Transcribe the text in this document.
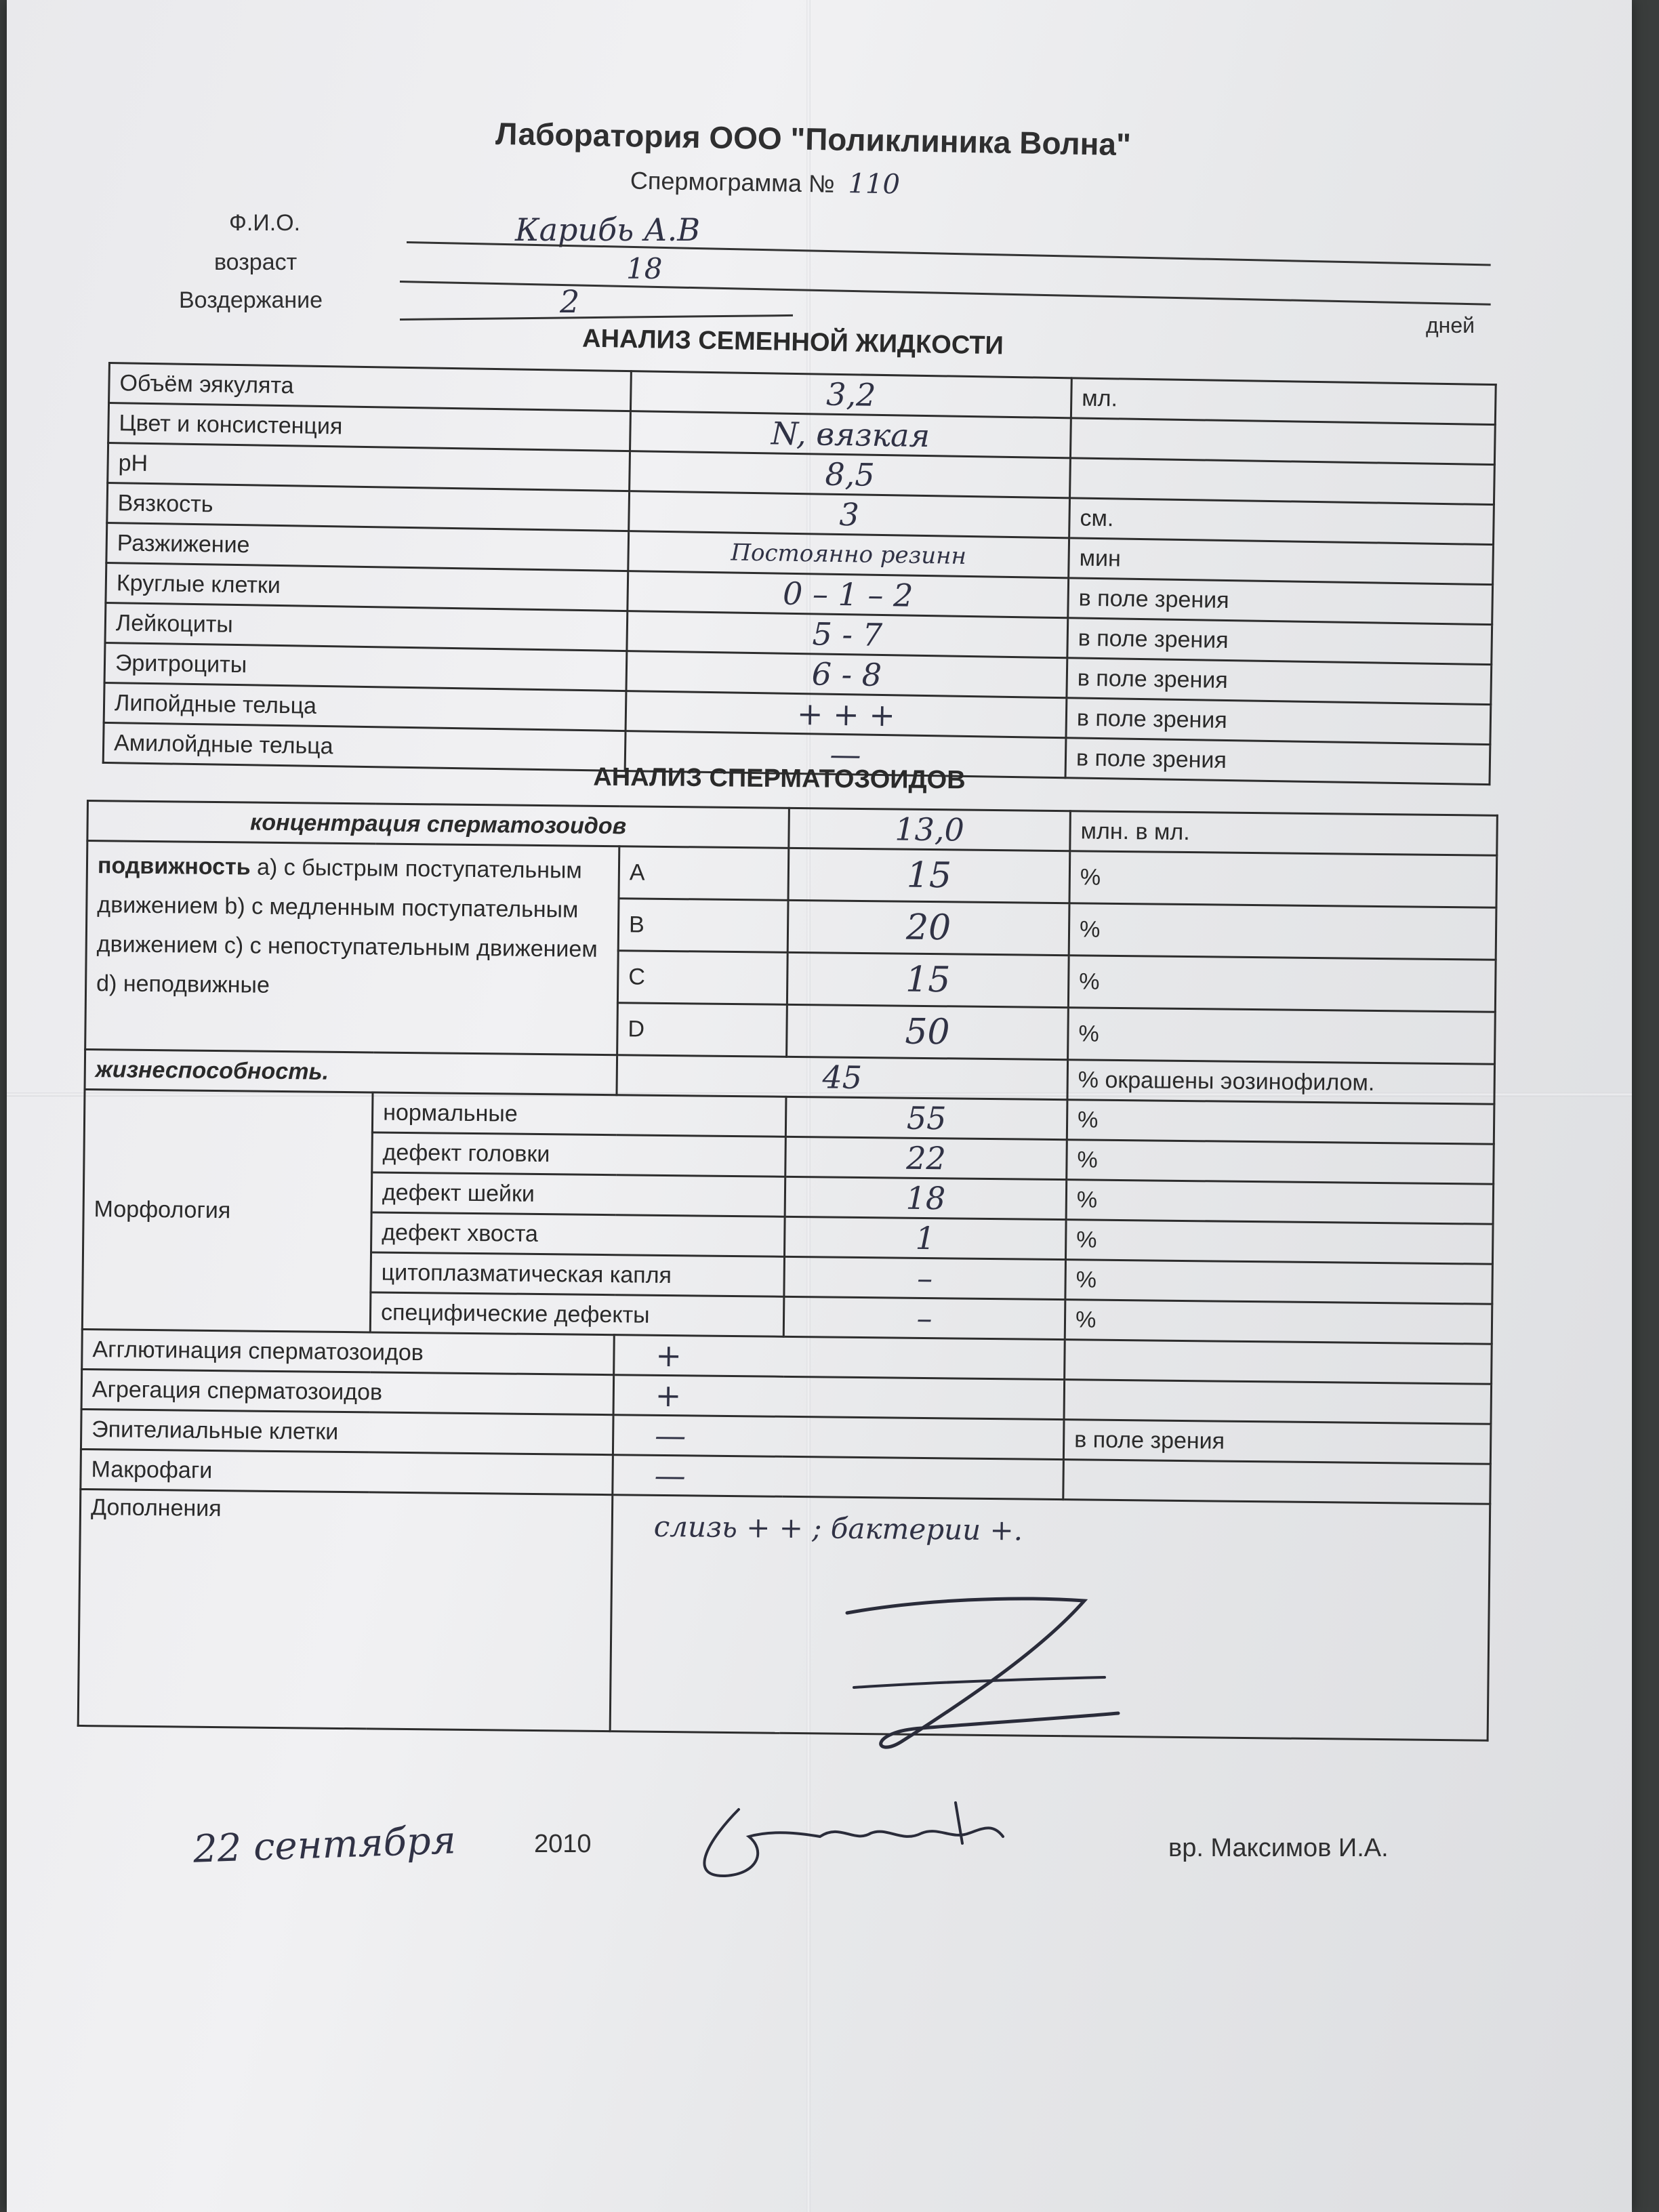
Лаборатория ООО "Поликлиника Волна"
Спермограмма № 110
Ф.И.О.	Карибь А.В
возраст	18
Воздержание	2
дней
АНАЛИЗ СЕМЕННОЙ ЖИДКОСТИ
Объём эякулята	3,2	мл.
Цвет и консистенция	N, вязкая	
pH	8,5	
Вязкость	3	см.
Разжижение	Постоянно резинн	мин
Круглые клетки	0 – 1 – 2	в поле зрения
Лейкоциты	5 - 7	в поле зрения
Эритроциты	6 - 8	в поле зрения
Липойдные тельца	+ + +	в поле зрения
Амилойдные тельца	—	в поле зрения
АНАЛИЗ СПЕРМАТОЗОИДОВ
концентрация сперматозоидов			13,0	млн. в мл.
подвижность а) с быстрым поступательным движением b) с медленным поступательным движением c) с непоступательным движением d) неподвижные		A	15	%
		B	20	%
		C	15	%
		D	50	%
жизнеспособность.		45		% окрашены эозинофилом.
Морфология	нормальные		55	%
	дефект головки		22	%
	дефект шейки		18	%
	дефект хвоста		1	%
	цитоплазматическая капля		–	%
	специфические дефекты		–	%
Агглютинация сперматозоидов		+		
Агрегация сперматозоидов		+		
Эпителиальные клетки		—		в поле зрения
Макрофаги		—		
Дополнения		слизь + + ; бактерии +.		
22 сентября	2010	вр. Максимов И.А.
